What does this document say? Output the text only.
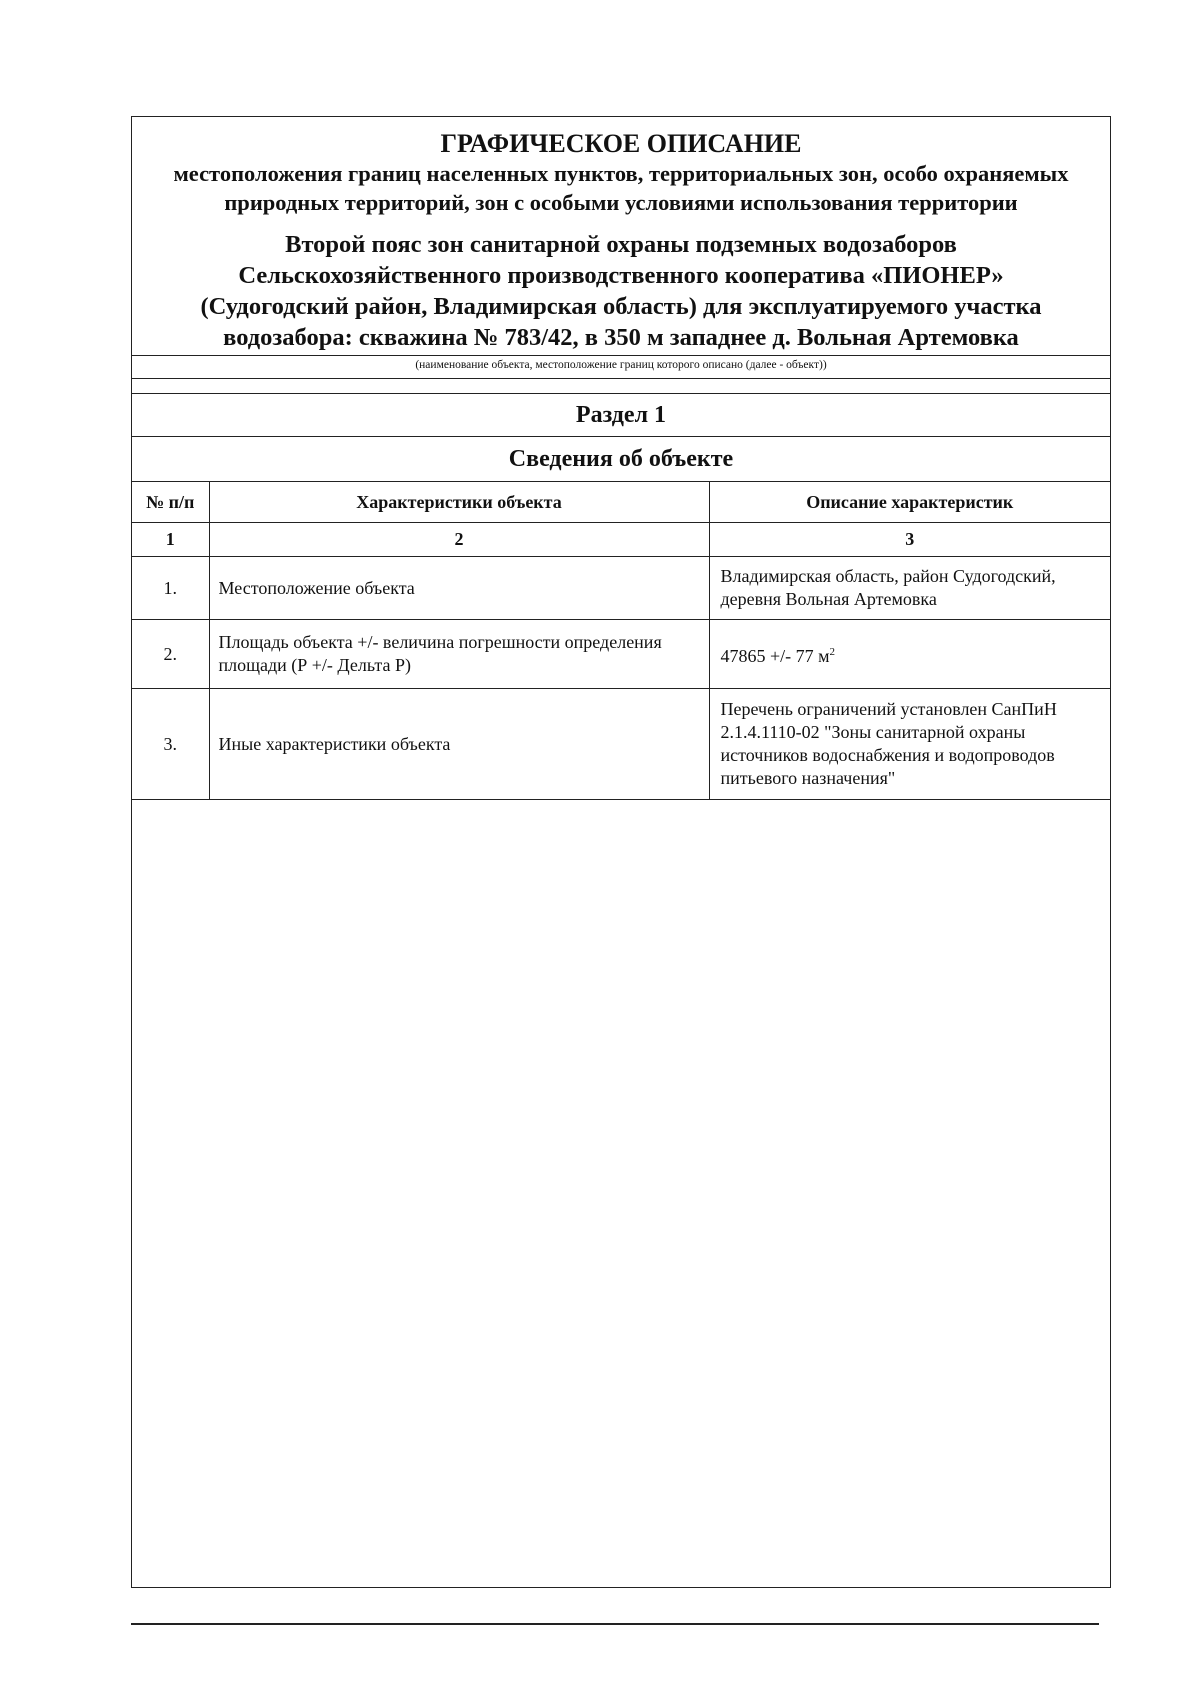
ГРАФИЧЕСКОЕ ОПИСАНИЕ
местоположения границ населенных пунктов, территориальных зон, особо охраняемых природных территорий, зон с особыми условиями использования территории
Второй пояс зон санитарной охраны подземных водозаборов
Сельскохозяйственного производственного кооператива «ПИОНЕР»
(Судогодский район, Владимирская область) для эксплуатируемого участка
водозабора: скважина № 783/42, в 350 м западнее д. Вольная Артемовка
(наименование объекта, местоположение границ которого описано (далее - объект))
Раздел 1
Сведения об объекте
№ п/п	Характеристики объекта	Описание характеристик
1	2	3
1.	Местоположение объекта	Владимирская область, район Судогодский, деревня Вольная Артемовка
2.	Площадь объекта +/- величина погрешности определения площади (Р +/- Дельта Р)	47865 +/- 77 $м^2$
3.	Иные характеристики объекта	Перечень ограничений установлен СанПиН 2.1.4.1110-02 "Зоны санитарной охраны источников водоснабжения и водопроводов питьевого назначения"
